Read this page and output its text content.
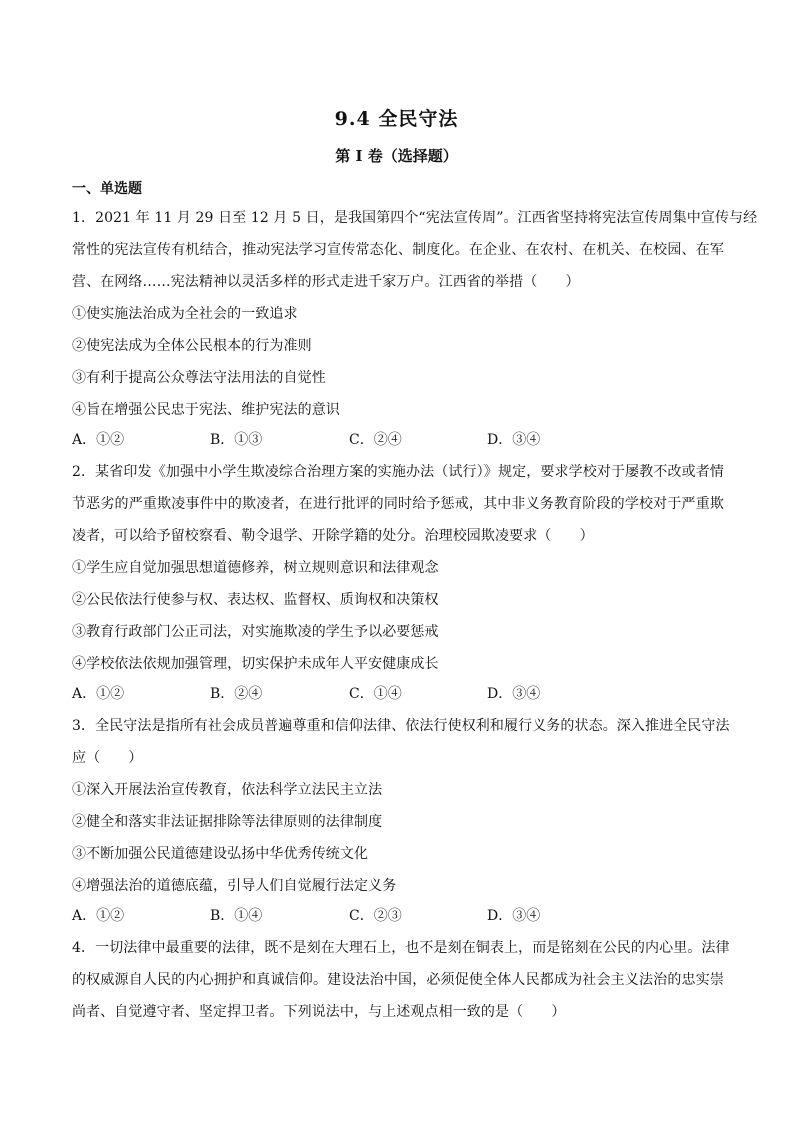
9.4 全民守法
第 I 卷（选择题）
一、单选题
1．2021 年 11 月 29 日至 12 月 5 日，是我国第四个“宪法宣传周”。江西省坚持将宪法宣传周集中宣传与经
常性的宪法宣传有机结合，推动宪法学习宣传常态化、制度化。在企业、在农村、在机关、在校园、在军
营、在网络……宪法精神以灵活多样的形式走进千家万户。江西省的举措（　　）
①使实施法治成为全社会的一致追求
②使宪法成为全体公民根本的行为准则
③有利于提高公众尊法守法用法的自觉性
④旨在增强公民忠于宪法、维护宪法的意识
A．①②	B．①③	C．②④	D．③④
2．某省印发《加强中小学生欺凌综合治理方案的实施办法（试行）》规定，要求学校对于屡教不改或者情
节恶劣的严重欺凌事件中的欺凌者，在进行批评的同时给予惩戒，其中非义务教育阶段的学校对于严重欺
凌者，可以给予留校察看、勒令退学、开除学籍的处分。治理校园欺凌要求（　　）
①学生应自觉加强思想道德修养，树立规则意识和法律观念
②公民依法行使参与权、表达权、监督权、质询权和决策权
③教育行政部门公正司法，对实施欺凌的学生予以必要惩戒
④学校依法依规加强管理，切实保护未成年人平安健康成长
A．①②	B．②④	C．①④	D．③④
3．全民守法是指所有社会成员普遍尊重和信仰法律、依法行使权利和履行义务的状态。深入推进全民守法
应（　　）
①深入开展法治宣传教育，依法科学立法民主立法
②健全和落实非法证据排除等法律原则的法律制度
③不断加强公民道德建设弘扬中华优秀传统文化
④增强法治的道德底蕴，引导人们自觉履行法定义务
A．①②	B．①④	C．②③	D．③④
4．一切法律中最重要的法律，既不是刻在大理石上，也不是刻在铜表上，而是铭刻在公民的内心里。法律
的权威源自人民的内心拥护和真诚信仰。建设法治中国，必须促使全体人民都成为社会主义法治的忠实崇
尚者、自觉遵守者、坚定捍卫者。下列说法中，与上述观点相一致的是（　　）
